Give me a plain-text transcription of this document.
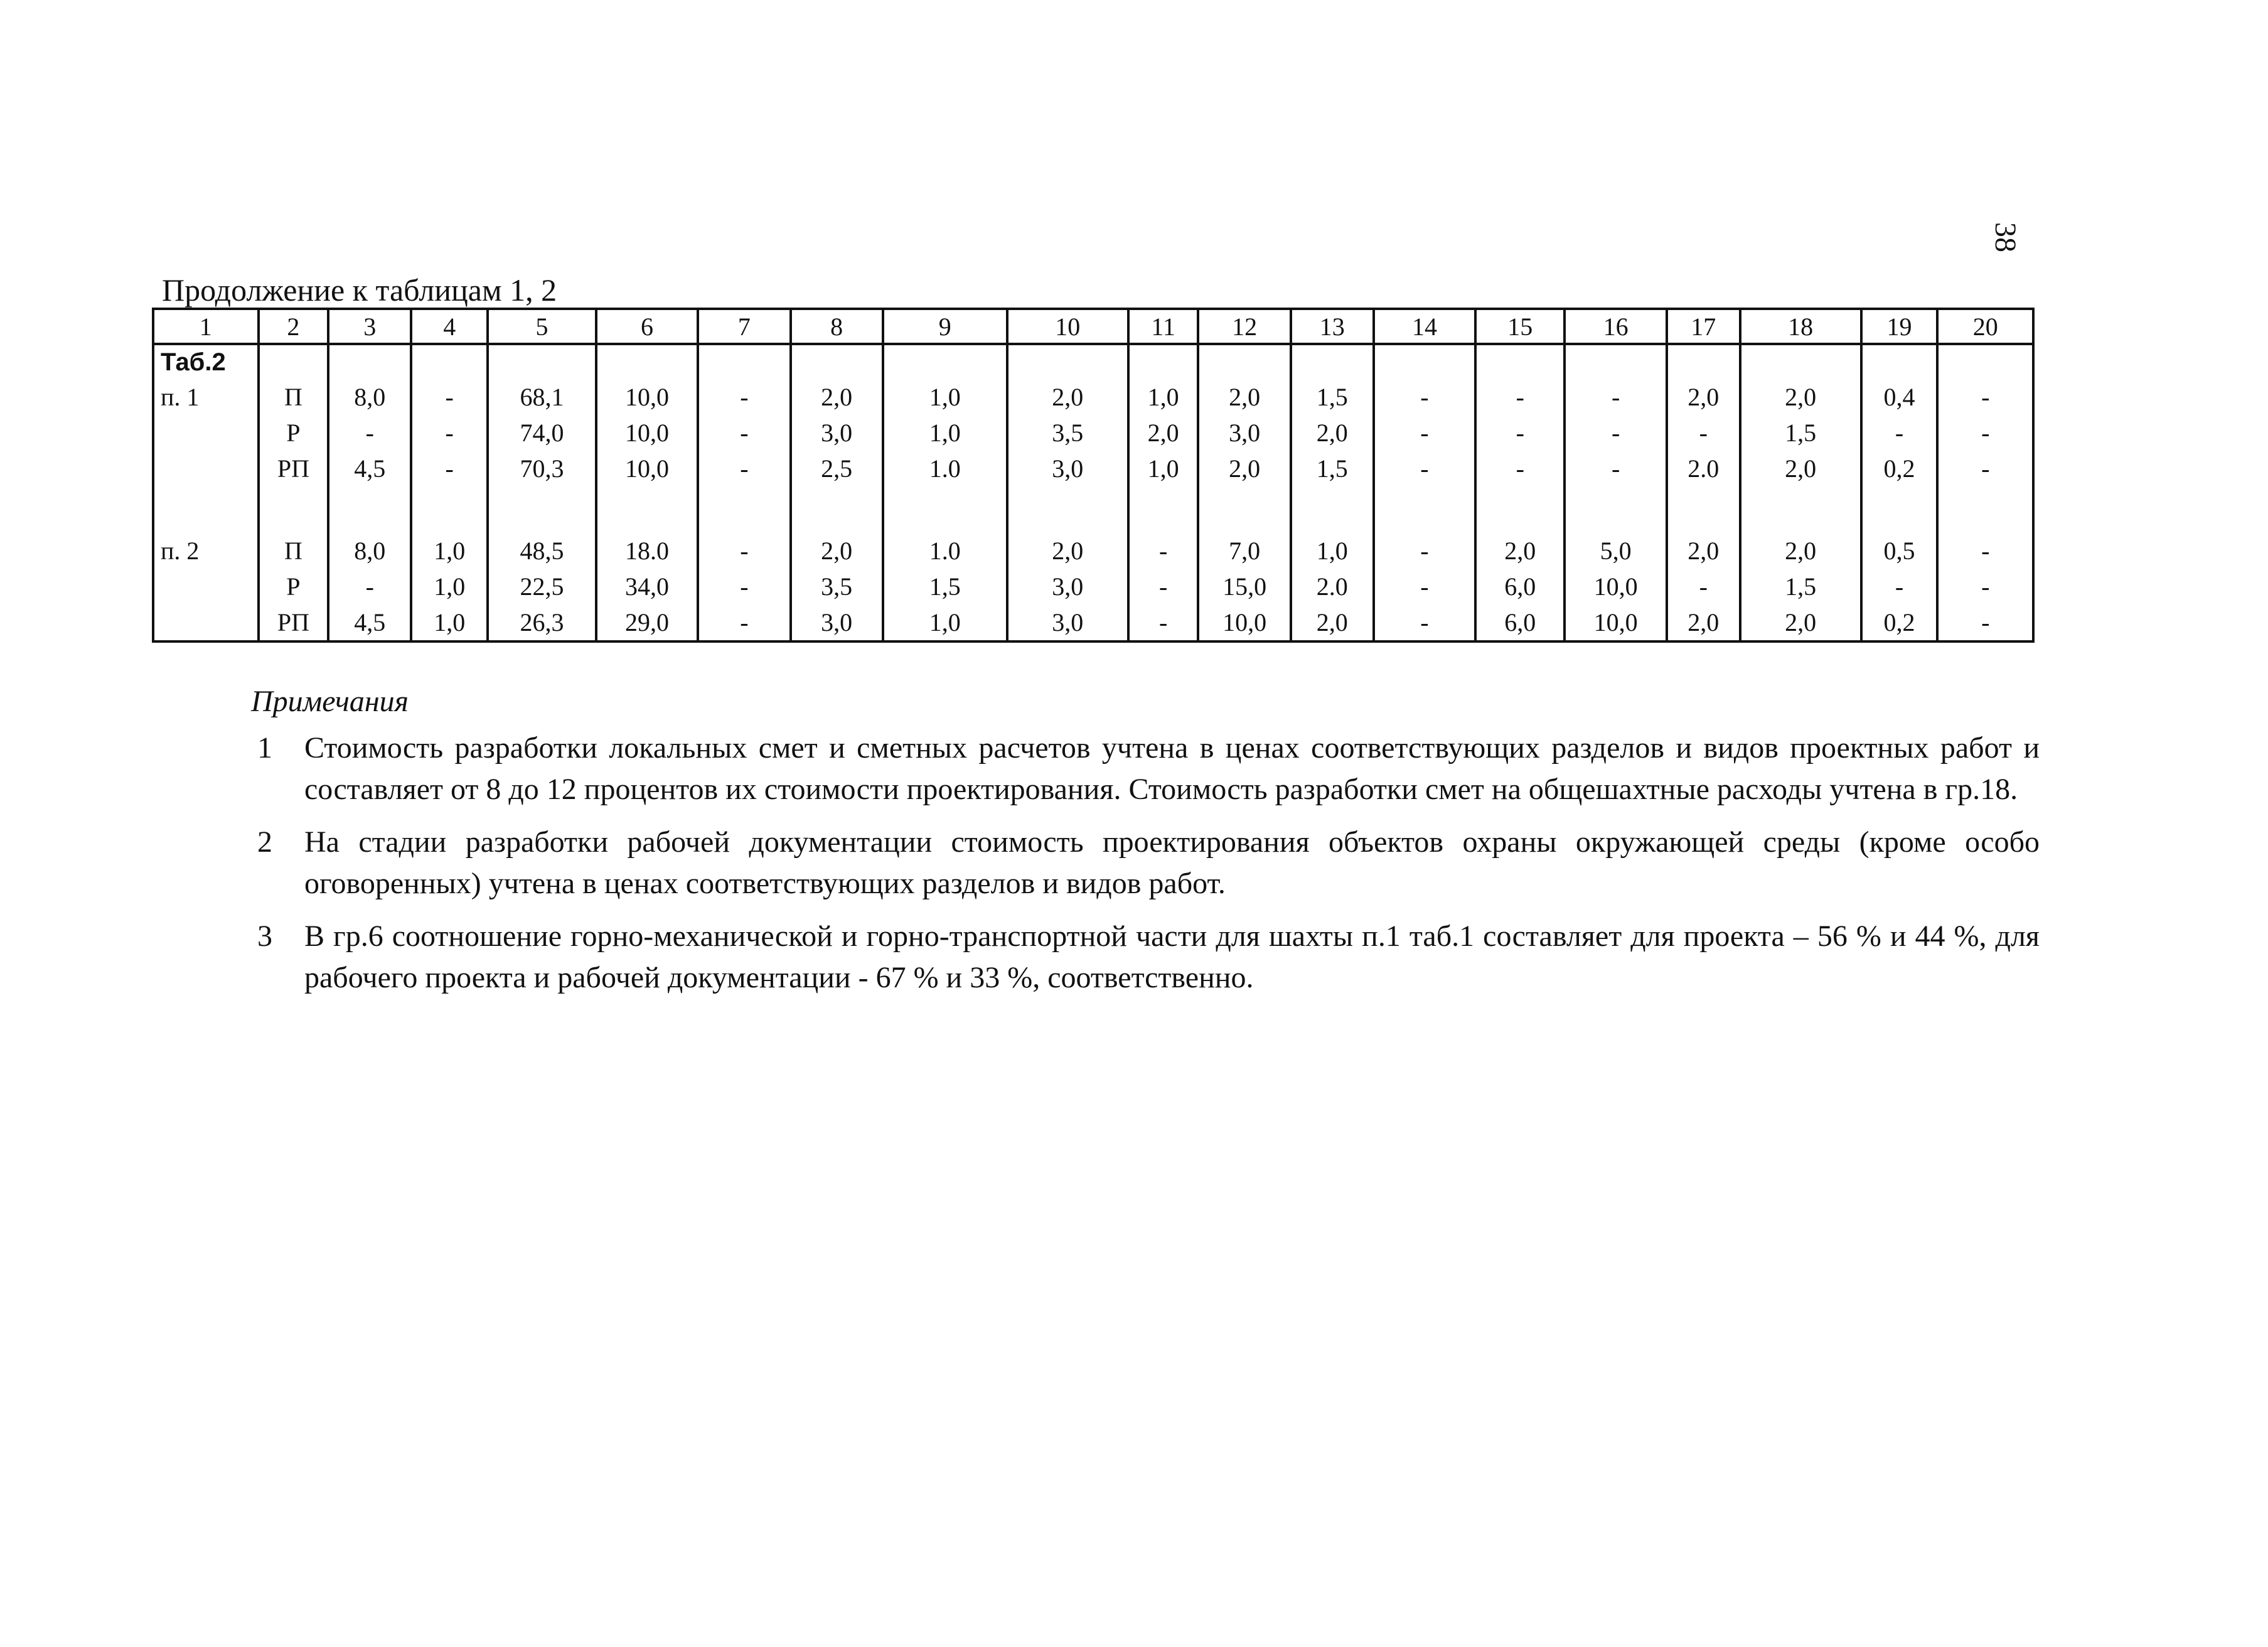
38
Продолжение к таблицам 1, 2
1	2	3	4	5	6	7	8	9	10	11	12	13	14	15	16	17	18	19	20
Таб.2																			
п. 1	П	8,0	-	68,1	10,0	-	2,0	1,0	2,0	1,0	2,0	1,5	-	-	-	2,0	2,0	0,4	-
	Р	-	-	74,0	10,0	-	3,0	1,0	3,5	2,0	3,0	2,0	-	-	-	-	1,5	-	-
	РП	4,5	-	70,3	10,0	-	2,5	1.0	3,0	1,0	2,0	1,5	-	-	-	2.0	2,0	0,2	-

п. 2	П	8,0	1,0	48,5	18.0	-	2,0	1.0	2,0	-	7,0	1,0	-	2,0	5,0	2,0	2,0	0,5	-
	Р	-	1,0	22,5	34,0	-	3,5	1,5	3,0	-	15,0	2.0	-	6,0	10,0	-	1,5	-	-
	РП	4,5	1,0	26,3	29,0	-	3,0	1,0	3,0	-	10,0	2,0	-	6,0	10,0	2,0	2,0	0,2	-
Примечания
1 Стоимость разработки локальных смет и сметных расчетов учтена в ценах соответствующих разделов и видов проектных работ и составляет от 8 до 12 процентов их стоимости проектирования. Стоимость разработки смет на общешахтные расходы учтена в гр.18.
2 На стадии разработки рабочей документации стоимость проектирования объектов охраны окружающей среды (кроме особо оговоренных) учтена в ценах соответствующих разделов и видов работ.
3 В гр.6 соотношение горно-механической и горно-транспортной части для шахты п.1 таб.1 составляет для проекта – 56 % и 44 %, для рабочего проекта и рабочей документации - 67 % и 33 %, соответственно.
